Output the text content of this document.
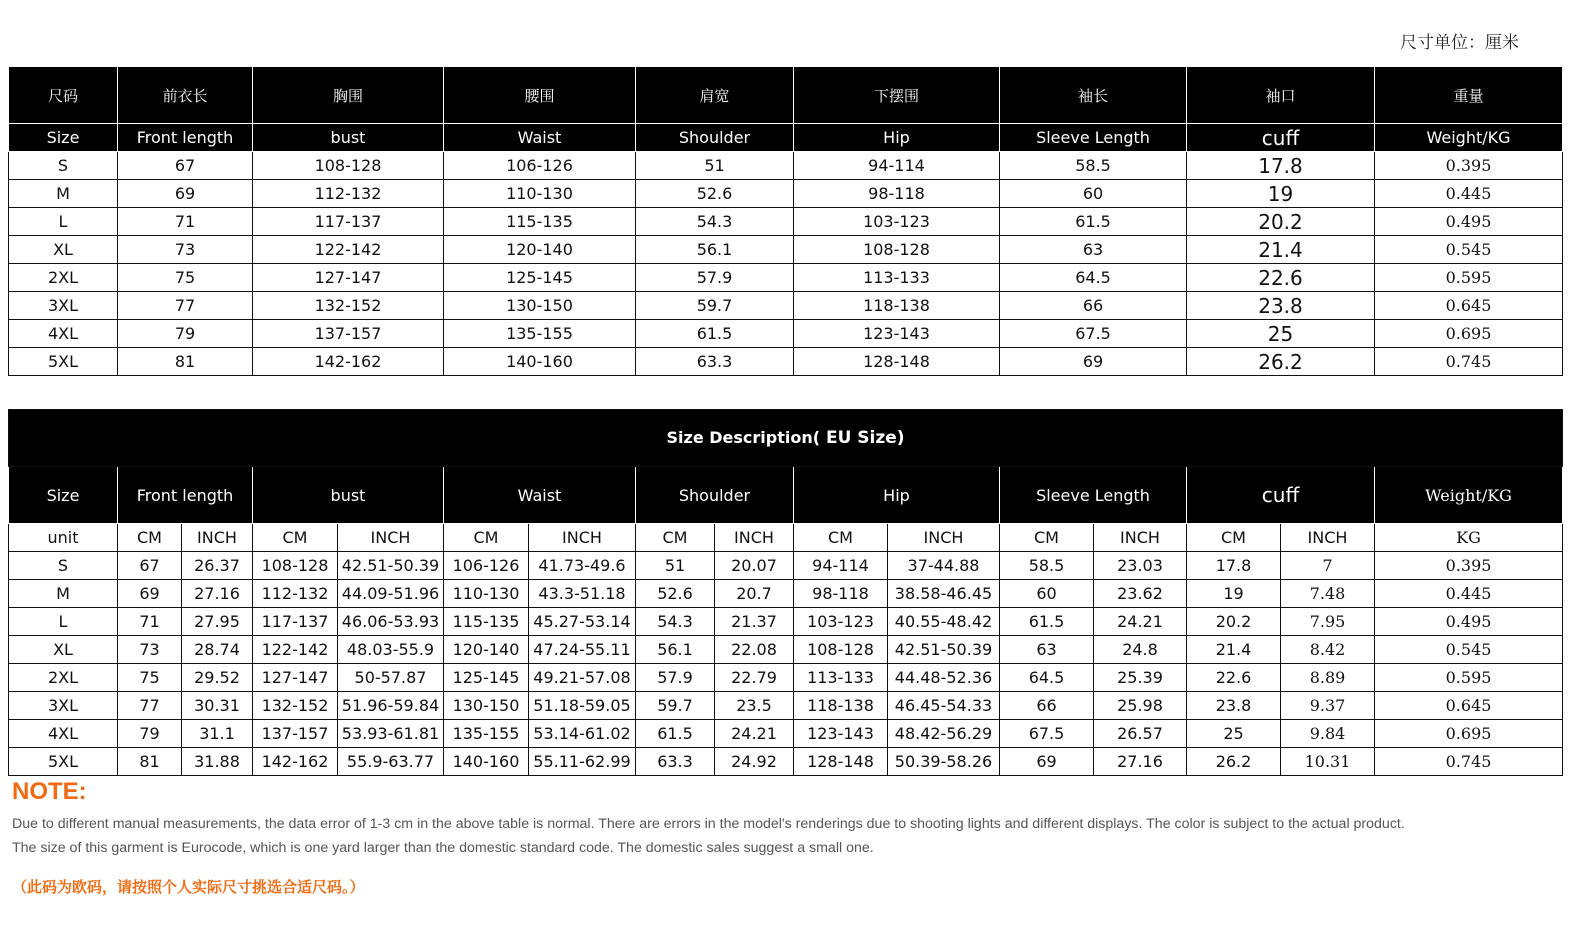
尺寸单位：厘米
尺码	前衣长	胸围	腰围	肩宽	下摆围	袖长	袖口	重量
Size	Front length	bust	Waist	Shoulder	Hip	Sleeve Length	cuff	Weight/KG
S	67	108-128	106-126	51	94-114	58.5	17.8	0.395
M	69	112-132	110-130	52.6	98-118	60	19	0.445
L	71	117-137	115-135	54.3	103-123	61.5	20.2	0.495
XL	73	122-142	120-140	56.1	108-128	63	21.4	0.545
2XL	75	127-147	125-145	57.9	113-133	64.5	22.6	0.595
3XL	77	132-152	130-150	59.7	118-138	66	23.8	0.645
4XL	79	137-157	135-155	61.5	123-143	67.5	25	0.695
5XL	81	142-162	140-160	63.3	128-148	69	26.2	0.745
Size Description( EU Size)															
Size	Front length		bust		Waist		Shoulder		Hip		Sleeve Length		cuff		Weight/KG
unit	CM	INCH	CM	INCH	CM	INCH	CM	INCH	CM	INCH	CM	INCH	CM	INCH	KG
S	67	26.37	108-128	42.51-50.39	106-126	41.73-49.6	51	20.07	94-114	37-44.88	58.5	23.03	17.8	7	0.395
M	69	27.16	112-132	44.09-51.96	110-130	43.3-51.18	52.6	20.7	98-118	38.58-46.45	60	23.62	19	7.48	0.445
L	71	27.95	117-137	46.06-53.93	115-135	45.27-53.14	54.3	21.37	103-123	40.55-48.42	61.5	24.21	20.2	7.95	0.495
XL	73	28.74	122-142	48.03-55.9	120-140	47.24-55.11	56.1	22.08	108-128	42.51-50.39	63	24.8	21.4	8.42	0.545
2XL	75	29.52	127-147	50-57.87	125-145	49.21-57.08	57.9	22.79	113-133	44.48-52.36	64.5	25.39	22.6	8.89	0.595
3XL	77	30.31	132-152	51.96-59.84	130-150	51.18-59.05	59.7	23.5	118-138	46.45-54.33	66	25.98	23.8	9.37	0.645
4XL	79	31.1	137-157	53.93-61.81	135-155	53.14-61.02	61.5	24.21	123-143	48.42-56.29	67.5	26.57	25	9.84	0.695
5XL	81	31.88	142-162	55.9-63.77	140-160	55.11-62.99	63.3	24.92	128-148	50.39-58.26	69	27.16	26.2	10.31	0.745
NOTE:
Due to different manual measurements, the data error of 1-3 cm in the above table is normal. There are errors in the model's renderings due to shooting lights and different displays. The color is subject to the actual product.
The size of this garment is Eurocode, which is one yard larger than the domestic standard code. The domestic sales suggest a small one.
（此码为欧码，请按照个人实际尺寸挑选合适尺码。）
